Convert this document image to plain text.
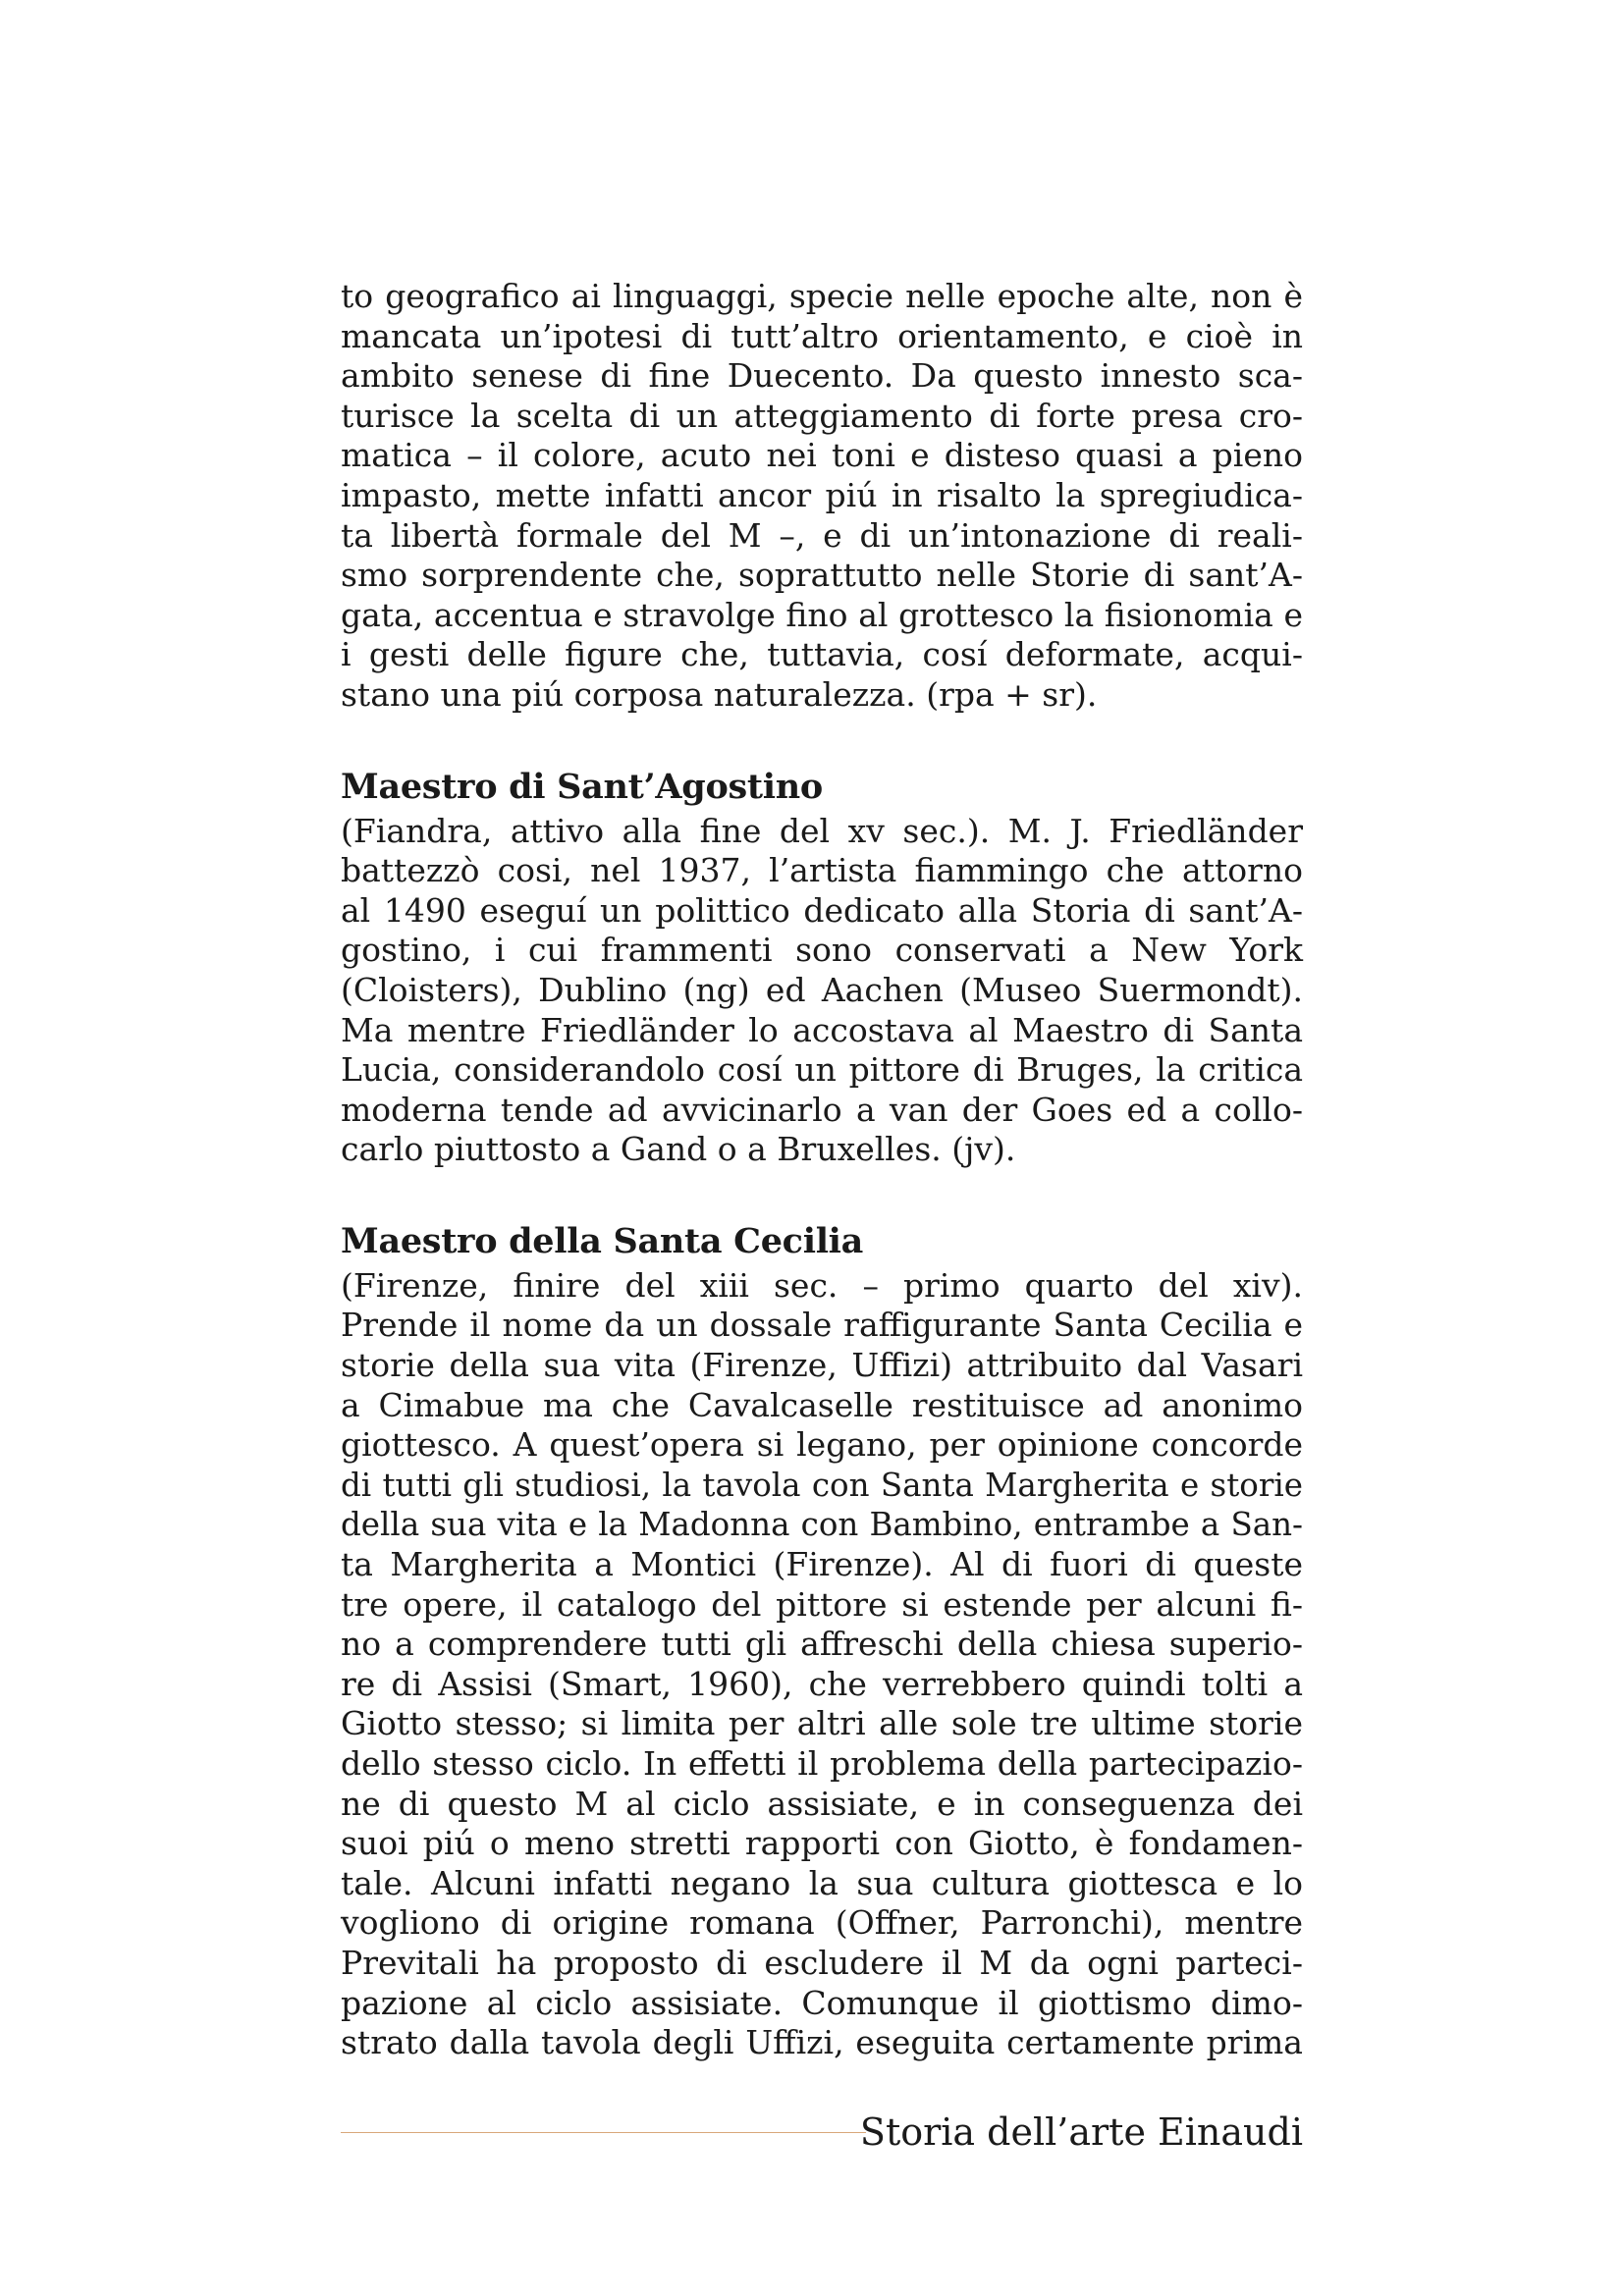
to geografico ai linguaggi, specie nelle epoche alte, non è
mancata un’ipotesi di tutt’altro orientamento, e cioè in
ambito senese di fine Duecento. Da questo innesto sca-
turisce la scelta di un atteggiamento di forte presa cro-
matica – il colore, acuto nei toni e disteso quasi a pieno
impasto, mette infatti ancor piú in risalto la spregiudica-
ta libertà formale del M –, e di un’intonazione di reali-
smo sorprendente che, soprattutto nelle Storie di sant’A-
gata, accentua e stravolge fino al grottesco la fisionomia e
i gesti delle figure che, tuttavia, cosí deformate, acqui-
stano una piú corposa naturalezza. (rpa + sr).
Maestro di Sant’Agostino
(Fiandra, attivo alla fine del xv sec.). M. J. Friedländer
battezzò cosi, nel 1937, l’artista fiammingo che attorno
al 1490 eseguí un polittico dedicato alla Storia di sant’A-
gostino, i cui frammenti sono conservati a New York
(Cloisters), Dublino (ng) ed Aachen (Museo Suermondt).
Ma mentre Friedländer lo accostava al Maestro di Santa
Lucia, considerandolo cosí un pittore di Bruges, la critica
moderna tende ad avvicinarlo a van der Goes ed a collo-
carlo piuttosto a Gand o a Bruxelles. (jv).
Maestro della Santa Cecilia
(Firenze, finire del xiii sec. – primo quarto del xiv).
Prende il nome da un dossale raffigurante Santa Cecilia e
storie della sua vita (Firenze, Uffizi) attribuito dal Vasari
a Cimabue ma che Cavalcaselle restituisce ad anonimo
giottesco. A quest’opera si legano, per opinione concorde
di tutti gli studiosi, la tavola con Santa Margherita e storie
della sua vita e la Madonna con Bambino, entrambe a San-
ta Margherita a Montici (Firenze). Al di fuori di queste
tre opere, il catalogo del pittore si estende per alcuni fi-
no a comprendere tutti gli affreschi della chiesa superio-
re di Assisi (Smart, 1960), che verrebbero quindi tolti a
Giotto stesso; si limita per altri alle sole tre ultime storie
dello stesso ciclo. In effetti il problema della partecipazio-
ne di questo M al ciclo assisiate, e in conseguenza dei
suoi piú o meno stretti rapporti con Giotto, è fondamen-
tale. Alcuni infatti negano la sua cultura giottesca e lo
vogliono di origine romana (Offner, Parronchi), mentre
Previtali ha proposto di escludere il M da ogni parteci-
pazione al ciclo assisiate. Comunque il giottismo dimo-
strato dalla tavola degli Uffizi, eseguita certamente prima
Storia dell’arte Einaudi
